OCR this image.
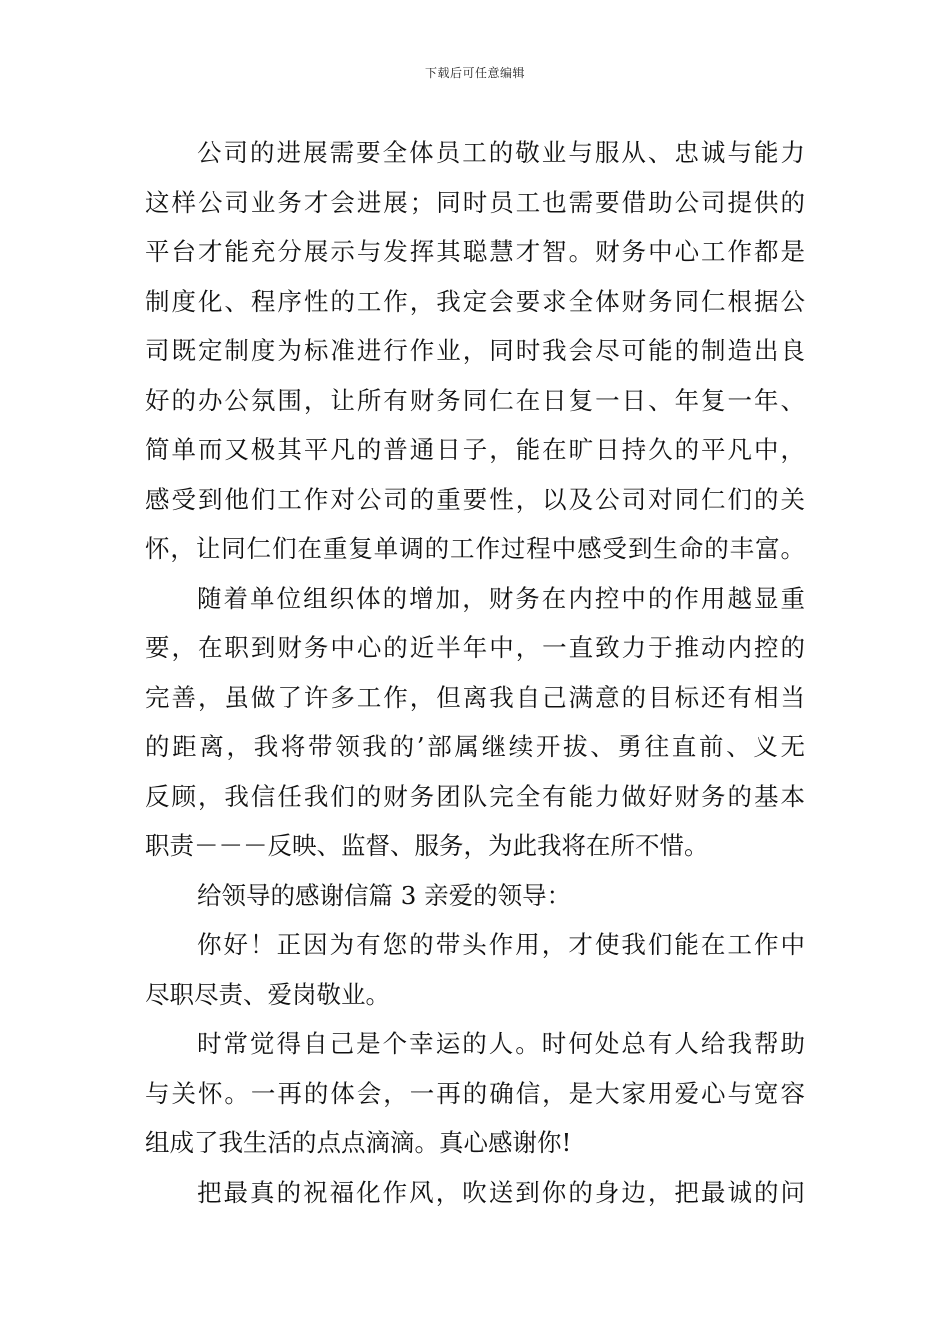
下载后可任意编辑
公司的进展需要全体员工的敬业与服从、忠诚与能力
这样公司业务才会进展；同时员工也需要借助公司提供的
平台才能充分展示与发挥其聪慧才智。财务中心工作都是
制度化、程序性的工作，我定会要求全体财务同仁根据公
司既定制度为标准进行作业，同时我会尽可能的制造出良
好的办公氛围，让所有财务同仁在日复一日、年复一年、
简单而又极其平凡的普通日子，能在旷日持久的平凡中，
感受到他们工作对公司的重要性，以及公司对同仁们的关
怀，让同仁们在重复单调的工作过程中感受到生命的丰富。
随着单位组织体的增加，财务在内控中的作用越显重
要，在职到财务中心的近半年中，一直致力于推动内控的
完善，虽做了许多工作，但离我自己满意的目标还有相当
的距离，我将带领我的’部属继续开拔、勇往直前、义无
反顾，我信任我们的财务团队完全有能力做好财务的基本
职责－－－反映、监督、服务，为此我将在所不惜。
给领导的感谢信篇 3 亲爱的领导：
你好！正因为有您的带头作用，才使我们能在工作中
尽职尽责、爱岗敬业。
时常觉得自己是个幸运的人。时何处总有人给我帮助
与关怀。一再的体会，一再的确信，是大家用爱心与宽容
组成了我生活的点点滴滴。真心感谢你!
把最真的祝福化作风，吹送到你的身边，把最诚的问
